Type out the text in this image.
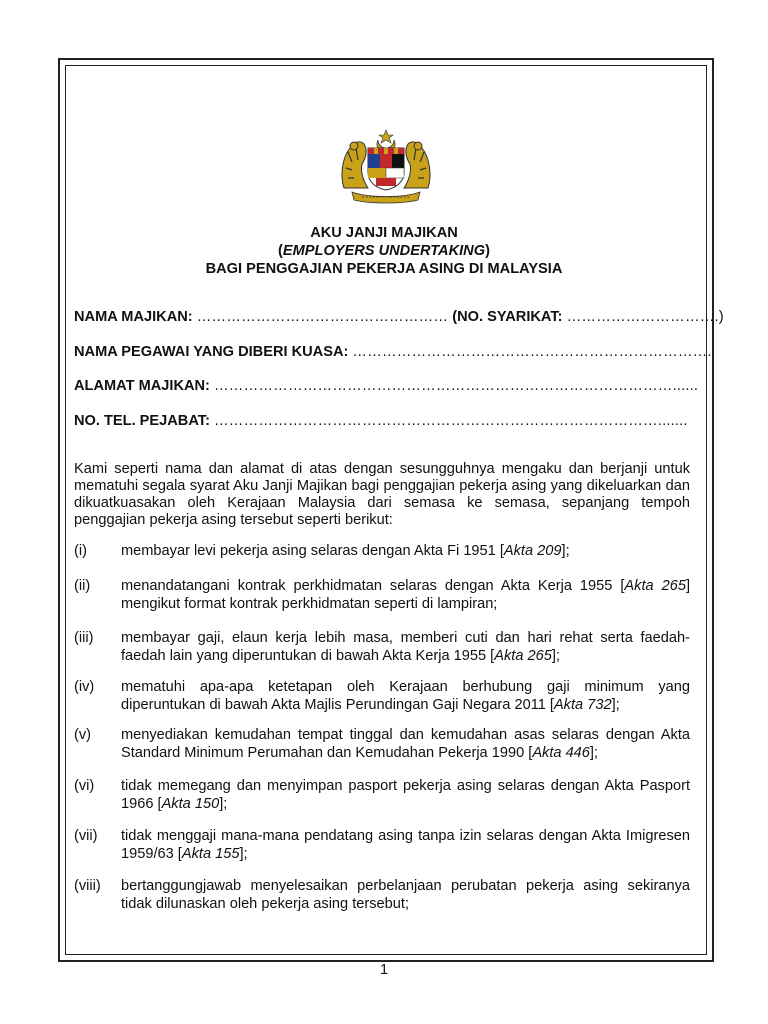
AKU JANJI MAJIKAN
(EMPLOYERS UNDERTAKING)
BAGI PENGGAJIAN PEKERJA ASING DI MALAYSIA
NAMA MAJIKAN: …………………………………………… (NO. SYARIKAT: ………………………….)
NAMA PEGAWAI YANG DIBERI KUASA: ……………………………………………………………….
ALAMAT MAJIKAN: …………………………………………………………………………………......
NO. TEL. PEJABAT: ……………………………………………………………………………….......
Kami seperti nama dan alamat di atas dengan sesungguhnya mengaku dan berjanji untuk mematuhi segala syarat Aku Janji Majikan bagi penggajian pekerja asing yang dikeluarkan dan dikuatkuasakan oleh Kerajaan Malaysia dari semasa ke semasa, sepanjang tempoh penggajian pekerja asing tersebut seperti berikut:
(i) membayar levi pekerja asing selaras dengan Akta Fi 1951 [Akta 209];
(ii) menandatangani kontrak perkhidmatan selaras dengan Akta Kerja 1955 [Akta 265] mengikut format kontrak perkhidmatan seperti di lampiran;
(iii) membayar gaji, elaun kerja lebih masa, memberi cuti dan hari rehat serta faedah-faedah lain yang diperuntukan di bawah Akta Kerja 1955 [Akta 265];
(iv) mematuhi apa-apa ketetapan oleh Kerajaan berhubung gaji minimum yang diperuntukan di bawah Akta Majlis Perundingan Gaji Negara 2011 [Akta 732];
(v) menyediakan kemudahan tempat tinggal dan kemudahan asas selaras dengan Akta Standard Minimum Perumahan dan Kemudahan Pekerja 1990 [Akta 446];
(vi) tidak memegang dan menyimpan pasport pekerja asing selaras dengan Akta Pasport 1966 [Akta 150];
(vii) tidak menggaji mana-mana pendatang asing tanpa izin selaras dengan Akta Imigresen 1959/63 [Akta 155];
(viii) bertanggungjawab menyelesaikan perbelanjaan perubatan pekerja asing sekiranya tidak dilunaskan oleh pekerja asing tersebut;
1
